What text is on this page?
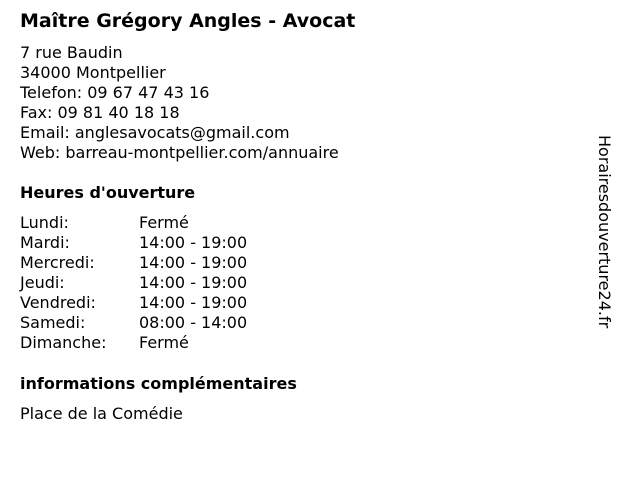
Maître Grégory Angles - Avocat
7 rue Baudin
34000 Montpellier
Telefon: 09 67 47 43 16
Fax: 09 81 40 18 18
Email: anglesavocats@gmail.com
Web: barreau-montpellier.com/annuaire
Heures d'ouverture
Lundi:	Fermé
Mardi:	14:00 - 19:00
Mercredi:	14:00 - 19:00
Jeudi:	14:00 - 19:00
Vendredi:	14:00 - 19:00
Samedi:	08:00 - 14:00
Dimanche:	Fermé
informations complémentaires
Place de la Comédie
Horairesdouverture24.fr
